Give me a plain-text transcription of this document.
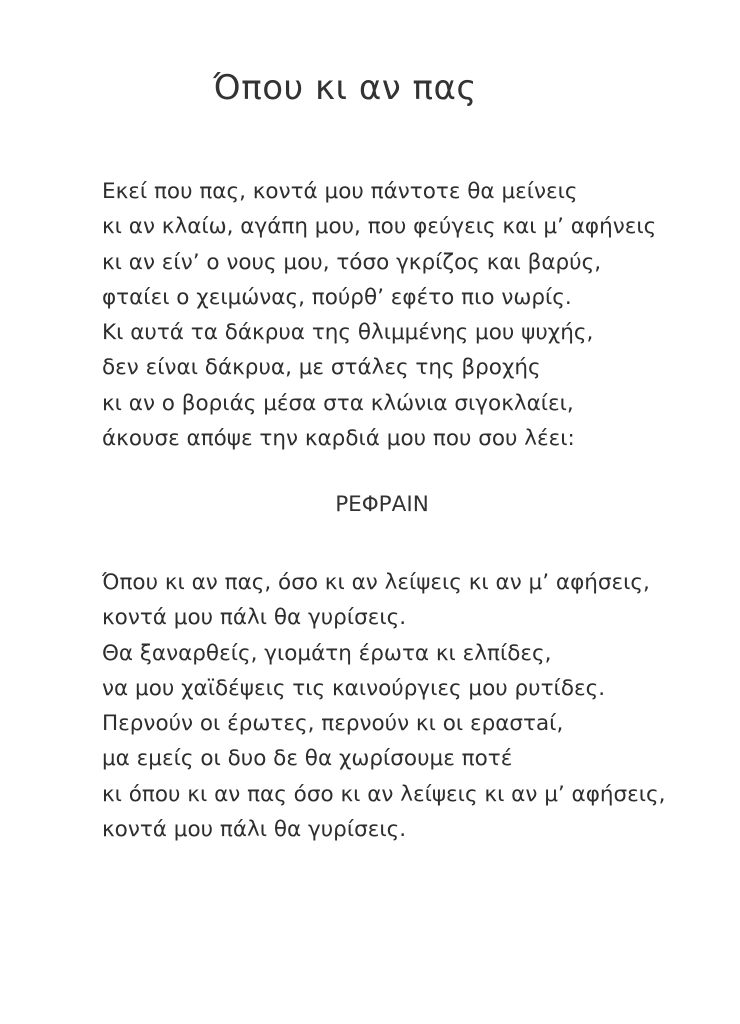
Όπου κι αν πας
Εκεί που πας, κοντά μου πάντοτε θα μείνεις
κι αν κλαίω, αγάπη μου, που φεύγεις και μ’ αφήνεις
κι αν είν’ ο νους μου, τόσο γκρίζος και βαρύς,
φταίει ο χειμώνας, πούρθ’ εφέτο πιο νωρίς.
Κι αυτά τα δάκρυα της θλιμμένης μου ψυχής,
δεν είναι δάκρυα, με στάλες της βροχής
κι αν ο βοριάς μέσα στα κλώνια σιγοκλαίει,
άκουσε απόψε την καρδιά μου που σου λέει:

ΡΕΦΡΑΙΝ

Όπου κι αν πας, όσο κι αν λείψεις κι αν μ’ αφήσεις,
κοντά μου πάλι θα γυρίσεις.
Θα ξαναρθείς, γιομάτη έρωτα κι ελπίδες,
να μου χαϊδέψεις τις καινούργιες μου ρυτίδες.
Περνούν οι έρωτες, περνούν κι οι εραστaί,
μα εμείς οι δυο δε θα χωρίσουμε ποτέ
κι όπου κι αν πας όσο κι αν λείψεις κι αν μ’ αφήσεις,
κοντά μου πάλι θα γυρίσεις.
